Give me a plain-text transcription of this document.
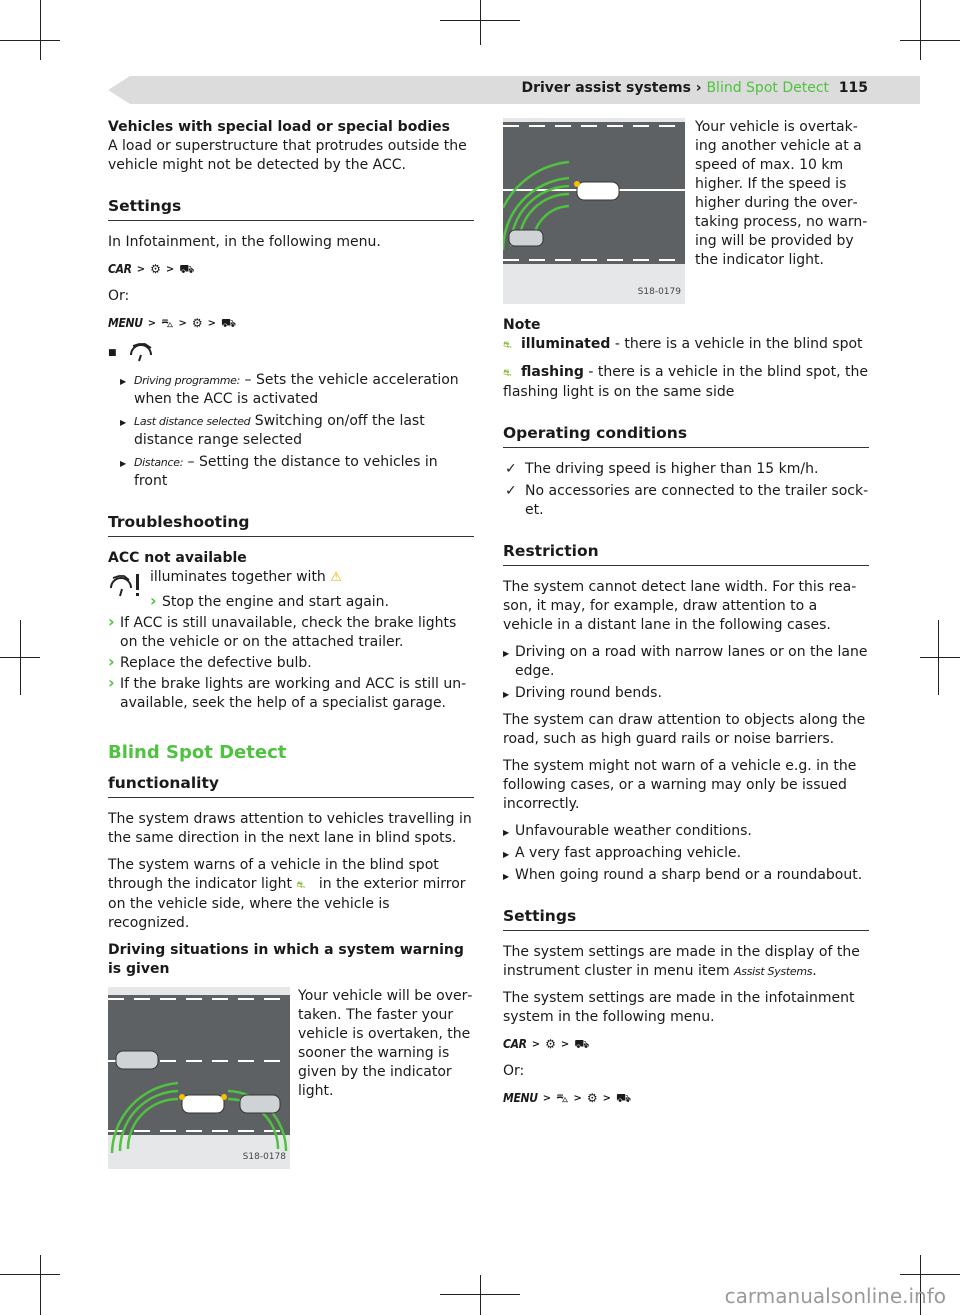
Driver assist systems › Blind Spot Detect 115
Vehicles with special load or special bodies

A load or superstructure that protrudes outside the vehicle might not be detected by the ACC.

Settings

In Infotainment, in the following menu.

CAR > ⚙ > ⛟

Or:

MENU > ⛍ > ⚙ > ⛟
■
▶ Driving programme: – Sets the vehicle acceleration when the ACC is activated
▶ Last distance selected Switching on/off the last distance range selected
▶ Distance: – Setting the distance to vehicles in front
Troubleshooting
ACC not available
illuminates together with ⚠
› Stop the engine and start again.
› If ACC is still unavailable, check the brake lights on the vehicle or on the attached trailer.
› Replace the defective bulb.
› If the brake lights are working and ACC is still unavailable, seek the help of a specialist garage.
Blind Spot Detect
functionality

The system draws attention to vehicles travelling in the same direction in the next lane in blind spots.

The system warns of a vehicle in the blind spot through the indicator light ⛐ in the exterior mirror on the vehicle side, where the vehicle is recognized.

Driving situations in which a system warning is given

S18-0178
Your vehicle will be overtaken. The faster your vehicle is overtaken, the sooner the warning is given by the indicator light.
S18-0179
Your vehicle is overtaking another vehicle at a speed of max. 10 km higher. If the speed is higher during the overtaking process, no warning will be provided by the indicator light.
Note

⛐ illuminated - there is a vehicle in the blind spot

⛐ flashing - there is a vehicle in the blind spot, the flashing light is on the same side

Operating conditions
✓ The driving speed is higher than 15 km/h.
✓ No accessories are connected to the trailer socket.
Restriction

The system cannot detect lane width. For this reason, it may, for example, draw attention to a vehicle in a distant lane in the following cases.

▶ Driving on a road with narrow lanes or on the lane edge.
▶ Driving round bends.

The system can draw attention to objects along the road, such as high guard rails or noise barriers.

The system might not warn of a vehicle e.g. in the following cases, or a warning may only be issued incorrectly.

▶ Unfavourable weather conditions.
▶ A very fast approaching vehicle.
▶ When going round a sharp bend or a roundabout.
Settings

The system settings are made in the display of the instrument cluster in menu item Assist Systems.

The system settings are made in the infotainment system in the following menu.

CAR > ⚙ > ⛟

Or:

MENU > ⛍ > ⚙ > ⛟
carmanualsonline.info
